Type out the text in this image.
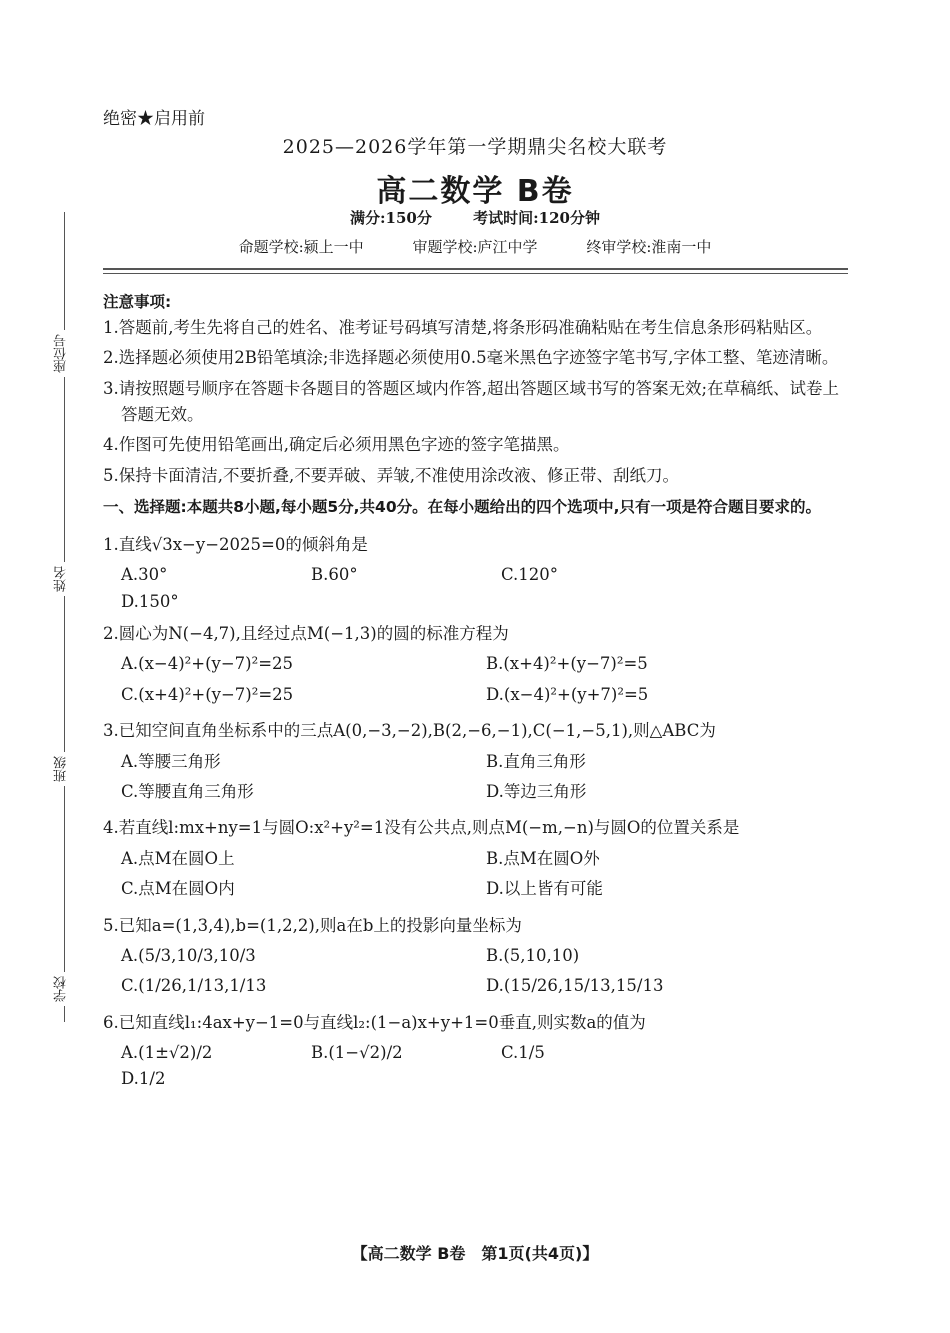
绝密★启用前
2025—2026学年第一学期鼎尖名校大联考
高二数学 B卷
满分:150分	考试时间:120分钟
命题学校:颍上一中	审题学校:庐江中学	终审学校:淮南一中
座位号
姓名
班级
学校
注意事项:
1.答题前,考生先将自己的姓名、准考证号码填写清楚,将条形码准确粘贴在考生信息条形码粘贴区。
2.选择题必须使用2B铅笔填涂;非选择题必须使用0.5毫米黑色字迹签字笔书写,字体工整、笔迹清晰。
3.请按照题号顺序在答题卡各题目的答题区域内作答,超出答题区域书写的答案无效;在草稿纸、试卷上答题无效。
4.作图可先使用铅笔画出,确定后必须用黑色字迹的签字笔描黑。
5.保持卡面清洁,不要折叠,不要弄破、弄皱,不准使用涂改液、修正带、刮纸刀。
一、选择题:本题共8小题,每小题5分,共40分。在每小题给出的四个选项中,只有一项是符合题目要求的。
1.直线√3x−y−2025=0的倾斜角是
A.30°	B.60°	C.120°
D.150°
2.圆心为N(−4,7),且经过点M(−1,3)的圆的标准方程为
A.(x−4)²+(y−7)²=25	B.(x+4)²+(y−7)²=5
C.(x+4)²+(y−7)²=25	D.(x−4)²+(y+7)²=5
3.已知空间直角坐标系中的三点A(0,−3,−2),B(2,−6,−1),C(−1,−5,1),则△ABC为
A.等腰三角形	B.直角三角形
C.等腰直角三角形	D.等边三角形
4.若直线l:mx+ny=1与圆O:x²+y²=1没有公共点,则点M(−m,−n)与圆O的位置关系是
A.点M在圆O上	B.点M在圆O外
C.点M在圆O内	D.以上皆有可能
5.已知a=(1,3,4),b=(1,2,2),则a在b上的投影向量坐标为
A.(5/3,10/3,10/3	B.(5,10,10)
C.(1/26,1/13,1/13	D.(15/26,15/13,15/13
6.已知直线l₁:4ax+y−1=0与直线l₂:(1−a)x+y+1=0垂直,则实数a的值为
A.(1±√2)/2	B.(1−√2)/2	C.1/5
D.1/2
【高二数学 B卷　第1页(共4页)】
